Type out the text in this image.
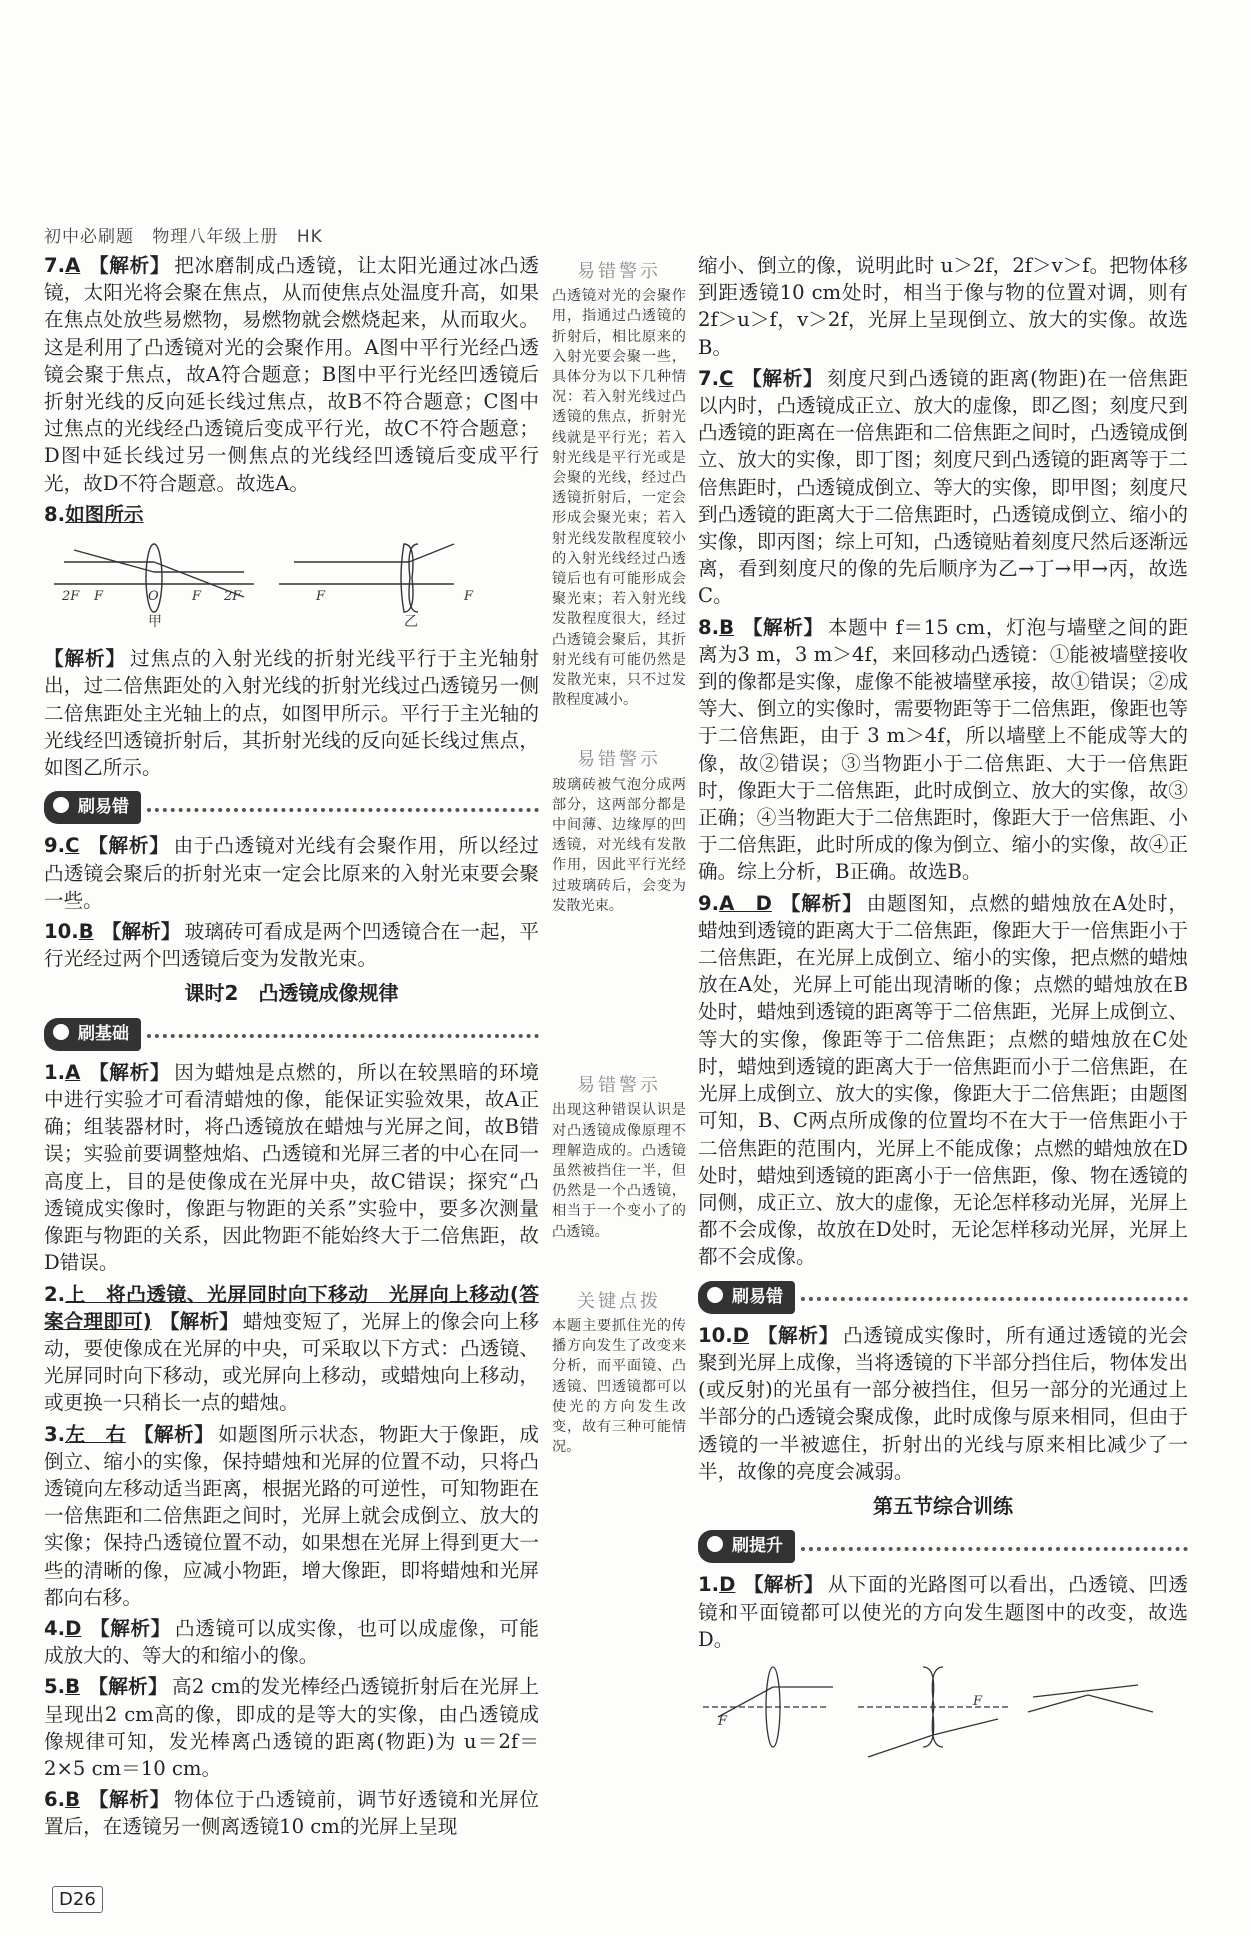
初中必刷题 物理八年级上册 HK

7.A 【解析】 把冰磨制成凸透镜，让太阳光通过冰凸透镜，太阳光将会聚在焦点，从而使焦点处温度升高，如果在焦点处放些易燃物，易燃物就会燃烧起来，从而取火。这是利用了凸透镜对光的会聚作用。A图中平行光经凸透镜会聚于焦点，故A符合题意；B图中平行光经凹透镜后折射光线的反向延长线过焦点，故B不符合题意；C图中过焦点的光线经凸透镜后变成平行光，故C不符合题意；D图中延长线过另一侧焦点的光线经凹透镜后变成平行光，故D不符合题意。故选A。

8.如图所示

2F F	O	F 2F	F	F
甲	乙

【解析】 过焦点的入射光线的折射光线平行于主光轴射出，过二倍焦距处的入射光线的折射光线过凸透镜另一侧二倍焦距处主光轴上的点，如图甲所示。平行于主光轴的光线经凹透镜折射后，其折射光线的反向延长线过焦点，如图乙所示。

刷易错

9.C 【解析】 由于凸透镜对光线有会聚作用，所以经过凸透镜会聚后的折射光束一定会比原来的入射光束要会聚一些。

10.B 【解析】 玻璃砖可看成是两个凹透镜合在一起，平行光经过两个凹透镜后变为发散光束。

课时2　凸透镜成像规律
刷基础

1.A 【解析】 因为蜡烛是点燃的，所以在较黑暗的环境中进行实验才可看清蜡烛的像，能保证实验效果，故A正确；组装器材时，将凸透镜放在蜡烛与光屏之间，故B错误；实验前要调整烛焰、凸透镜和光屏三者的中心在同一高度上，目的是使像成在光屏中央，故C错误；探究“凸透镜成实像时，像距与物距的关系”实验中，要多次测量像距与物距的关系，因此物距不能始终大于二倍焦距，故D错误。

2.上　将凸透镜、光屏同时向下移动　光屏向上移动(答案合理即可) 【解析】 蜡烛变短了，光屏上的像会向上移动，要使像成在光屏的中央，可采取以下方式：凸透镜、光屏同时向下移动，或光屏向上移动，或蜡烛向上移动，或更换一只稍长一点的蜡烛。

3.左　右 【解析】 如题图所示状态，物距大于像距，成倒立、缩小的实像，保持蜡烛和光屏的位置不动，只将凸透镜向左移动适当距离，根据光路的可逆性，可知物距在一倍焦距和二倍焦距之间时，光屏上就会成倒立、放大的实像；保持凸透镜位置不动，如果想在光屏上得到更大一些的清晰的像，应减小物距，增大像距，即将蜡烛和光屏都向右移。

4.D 【解析】 凸透镜可以成实像，也可以成虚像，可能成放大的、等大的和缩小的像。

5.B 【解析】 高2 cm的发光棒经凸透镜折射后在光屏上呈现出2 cm高的像，即成的是等大的实像，由凸透镜成像规律可知，发光棒离凸透镜的距离(物距)为 u＝2f＝2×5 cm＝10 cm。

6.B 【解析】 物体位于凸透镜前，调节好透镜和光屏位置后，在透镜另一侧离透镜10 cm的光屏上呈现

易错警示

凸透镜对光的会聚作用，指通过凸透镜的折射后，相比原来的入射光要会聚一些，具体分为以下几种情况：若入射光线过凸透镜的焦点，折射光线就是平行光；若入射光线是平行光或是会聚的光线，经过凸透镜折射后，一定会形成会聚光束；若入射光线发散程度较小的入射光线经过凸透镜后也有可能形成会聚光束；若入射光线发散程度很大，经过凸透镜会聚后，其折射光线有可能仍然是发散光束，只不过发散程度减小。

易错警示

玻璃砖被气泡分成两部分，这两部分都是中间薄、边缘厚的凹透镜，对光线有发散作用，因此平行光经过玻璃砖后，会变为发散光束。

易错警示

出现这种错误认识是对凸透镜成像原理不理解造成的。凸透镜虽然被挡住一半，但仍然是一个凸透镜，相当于一个变小了的凸透镜。

关键点拨

本题主要抓住光的传播方向发生了改变来分析，而平面镜、凸透镜、凹透镜都可以使光的方向发生改变，故有三种可能情况。

缩小、倒立的像，说明此时 u＞2f，2f＞v＞f。把物体移到距透镜10 cm处时，相当于像与物的位置对调，则有 2f＞u＞f，v＞2f，光屏上呈现倒立、放大的实像。故选B。

7.C 【解析】 刻度尺到凸透镜的距离(物距)在一倍焦距以内时，凸透镜成正立、放大的虚像，即乙图；刻度尺到凸透镜的距离在一倍焦距和二倍焦距之间时，凸透镜成倒立、放大的实像，即丁图；刻度尺到凸透镜的距离等于二倍焦距时，凸透镜成倒立、等大的实像，即甲图；刻度尺到凸透镜的距离大于二倍焦距时，凸透镜成倒立、缩小的实像，即丙图；综上可知，凸透镜贴着刻度尺然后逐渐远离，看到刻度尺的像的先后顺序为乙→丁→甲→丙，故选C。

8.B 【解析】 本题中 f＝15 cm，灯泡与墙壁之间的距离为3 m，3 m＞4f，来回移动凸透镜：①能被墙壁接收到的像都是实像，虚像不能被墙壁承接，故①错误；②成等大、倒立的实像时，需要物距等于二倍焦距，像距也等于二倍焦距，由于 3 m＞4f，所以墙壁上不能成等大的像，故②错误；③当物距小于二倍焦距、大于一倍焦距时，像距大于二倍焦距，此时成倒立、放大的实像，故③正确；④当物距大于二倍焦距时，像距大于一倍焦距、小于二倍焦距，此时所成的像为倒立、缩小的实像，故④正确。综上分析，B正确。故选B。

9.A　D 【解析】 由题图知，点燃的蜡烛放在A处时，蜡烛到透镜的距离大于二倍焦距，像距大于一倍焦距小于二倍焦距，在光屏上成倒立、缩小的实像，把点燃的蜡烛放在A处，光屏上可能出现清晰的像；点燃的蜡烛放在B处时，蜡烛到透镜的距离等于二倍焦距，光屏上成倒立、等大的实像，像距等于二倍焦距；点燃的蜡烛放在C处时，蜡烛到透镜的距离大于一倍焦距而小于二倍焦距，在光屏上成倒立、放大的实像，像距大于二倍焦距；由题图可知，B、C两点所成像的位置均不在大于一倍焦距小于二倍焦距的范围内，光屏上不能成像；点燃的蜡烛放在D处时，蜡烛到透镜的距离小于一倍焦距，像、物在透镜的同侧，成正立、放大的虚像，无论怎样移动光屏，光屏上都不会成像，故放在D处时，无论怎样移动光屏，光屏上都不会成像。

刷易错

10.D 【解析】 凸透镜成实像时，所有通过透镜的光会聚到光屏上成像，当将透镜的下半部分挡住后，物体发出(或反射)的光虽有一部分被挡住，但另一部分的光通过上半部分的凸透镜会聚成像，此时成像与原来相同，但由于透镜的一半被遮住，折射出的光线与原来相比减少了一半，故像的亮度会减弱。

第五节综合训练
刷提升

1.D 【解析】 从下面的光路图可以看出，凸透镜、凹透镜和平面镜都可以使光的方向发生题图中的改变，故选D。

F
F
D26
